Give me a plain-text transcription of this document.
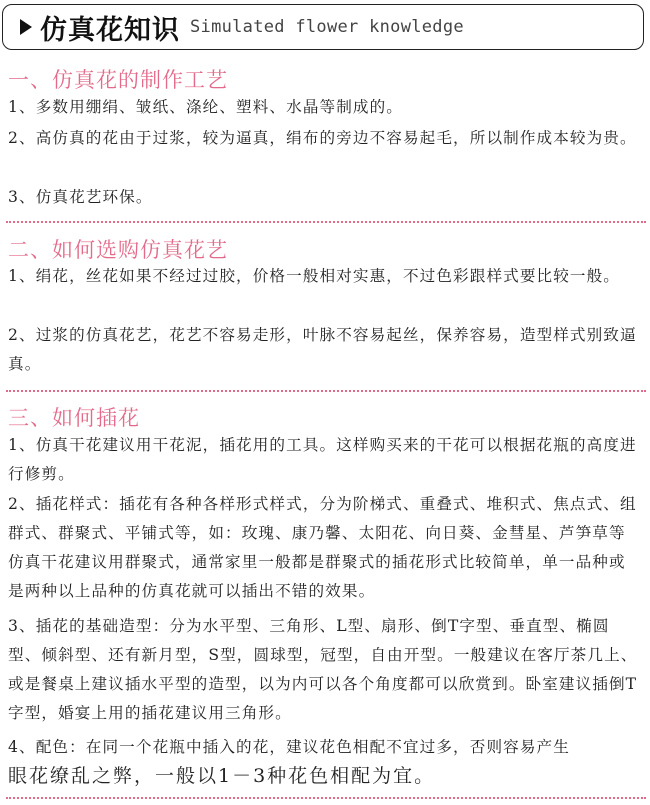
仿真花知识 Simulated flower knowledge
一、仿真花的制作工艺
1、多数用绷绢、皱纸、涤纶、塑料、水晶等制成的。
2、高仿真的花由于过浆，较为逼真，绢布的旁边不容易起毛，所以制作成本较为贵。
3、仿真花艺环保。
二、如何选购仿真花艺
1、绢花，丝花如果不经过过胶，价格一般相对实惠，不过色彩跟样式要比较一般。
2、过浆的仿真花艺，花艺不容易走形，叶脉不容易起丝，保养容易，造型样式别致逼真。
三、如何插花
1、仿真干花建议用干花泥，插花用的工具。这样购买来的干花可以根据花瓶的高度进行修剪。
2、插花样式：插花有各种各样形式样式，分为阶梯式、重叠式、堆积式、焦点式、组群式、群聚式、平铺式等，如：玫瑰、康乃馨、太阳花、向日葵、金彗星、芦笋草等仿真干花建议用群聚式，通常家里一般都是群聚式的插花形式比较简单，单一品种或是两种以上品种的仿真花就可以插出不错的效果。
3、插花的基础造型：分为水平型、三角形、L型、扇形、倒T字型、垂直型、椭圆型、倾斜型、还有新月型，S型，圆球型，冠型，自由开型。一般建议在客厅茶几上、或是餐桌上建议插水平型的造型，以为内可以各个角度都可以欣赏到。卧室建议插倒T字型，婚宴上用的插花建议用三角形。
4、配色：在同一个花瓶中插入的花，建议花色相配不宜过多，否则容易产生
眼花缭乱之弊，一般以1－3种花色相配为宜。
